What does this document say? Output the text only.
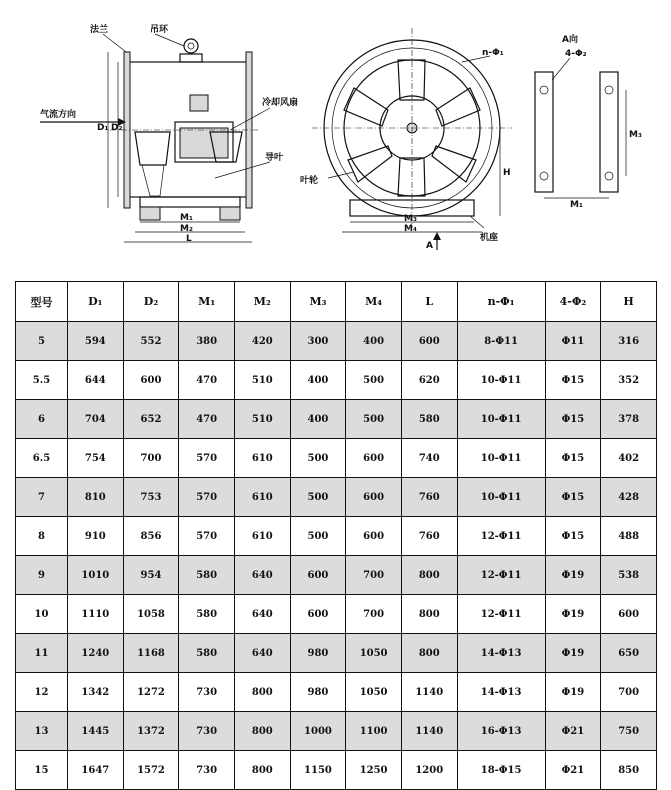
法兰	吊环
气流方向
冷却风扇
导叶
D₁ D₂
M₁
M₂
L
n-Φ₁
叶轮
H
M₃
M₄
机座
A
A向
4-Φ₂
M₃
M₁
型号	D₁	D₂	M₁	M₂	M₃	M₄	L	n-Φ₁	4-Φ₂	H
5	594	552	380	420	300	400	600	8-Φ11	Φ11	316
5.5	644	600	470	510	400	500	620	10-Φ11	Φ15	352
6	704	652	470	510	400	500	580	10-Φ11	Φ15	378
6.5	754	700	570	610	500	600	740	10-Φ11	Φ15	402
7	810	753	570	610	500	600	760	10-Φ11	Φ15	428
8	910	856	570	610	500	600	760	12-Φ11	Φ15	488
9	1010	954	580	640	600	700	800	12-Φ11	Φ19	538
10	1110	1058	580	640	600	700	800	12-Φ11	Φ19	600
11	1240	1168	580	640	980	1050	800	14-Φ13	Φ19	650
12	1342	1272	730	800	980	1050	1140	14-Φ13	Φ19	700
13	1445	1372	730	800	1000	1100	1140	16-Φ13	Φ21	750
15	1647	1572	730	800	1150	1250	1200	18-Φ15	Φ21	850
